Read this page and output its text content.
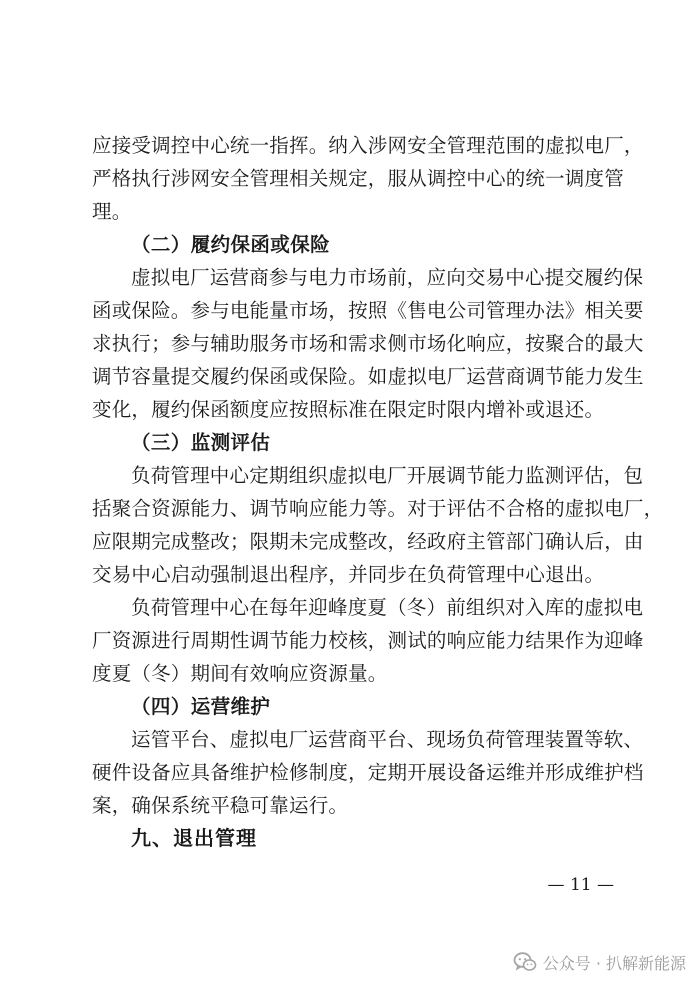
应接受调控中心统一指挥。纳入涉网安全管理范围的虚拟电厂，
严格执行涉网安全管理相关规定，服从调控中心的统一调度管
理。
（二）履约保函或保险
虚拟电厂运营商参与电力市场前，应向交易中心提交履约保
函或保险。参与电能量市场，按照《售电公司管理办法》相关要
求执行；参与辅助服务市场和需求侧市场化响应，按聚合的最大
调节容量提交履约保函或保险。如虚拟电厂运营商调节能力发生
变化，履约保函额度应按照标准在限定时限内增补或退还。
（三）监测评估
负荷管理中心定期组织虚拟电厂开展调节能力监测评估，包
括聚合资源能力、调节响应能力等。对于评估不合格的虚拟电厂，
应限期完成整改；限期未完成整改，经政府主管部门确认后，由
交易中心启动强制退出程序，并同步在负荷管理中心退出。
负荷管理中心在每年迎峰度夏（冬）前组织对入库的虚拟电
厂资源进行周期性调节能力校核，测试的响应能力结果作为迎峰
度夏（冬）期间有效响应资源量。
（四）运营维护
运管平台、虚拟电厂运营商平台、现场负荷管理装置等软、
硬件设备应具备维护检修制度，定期开展设备运维并形成维护档
案，确保系统平稳可靠运行。
九、退出管理
— 11 —
公众号 · 扒解新能源
